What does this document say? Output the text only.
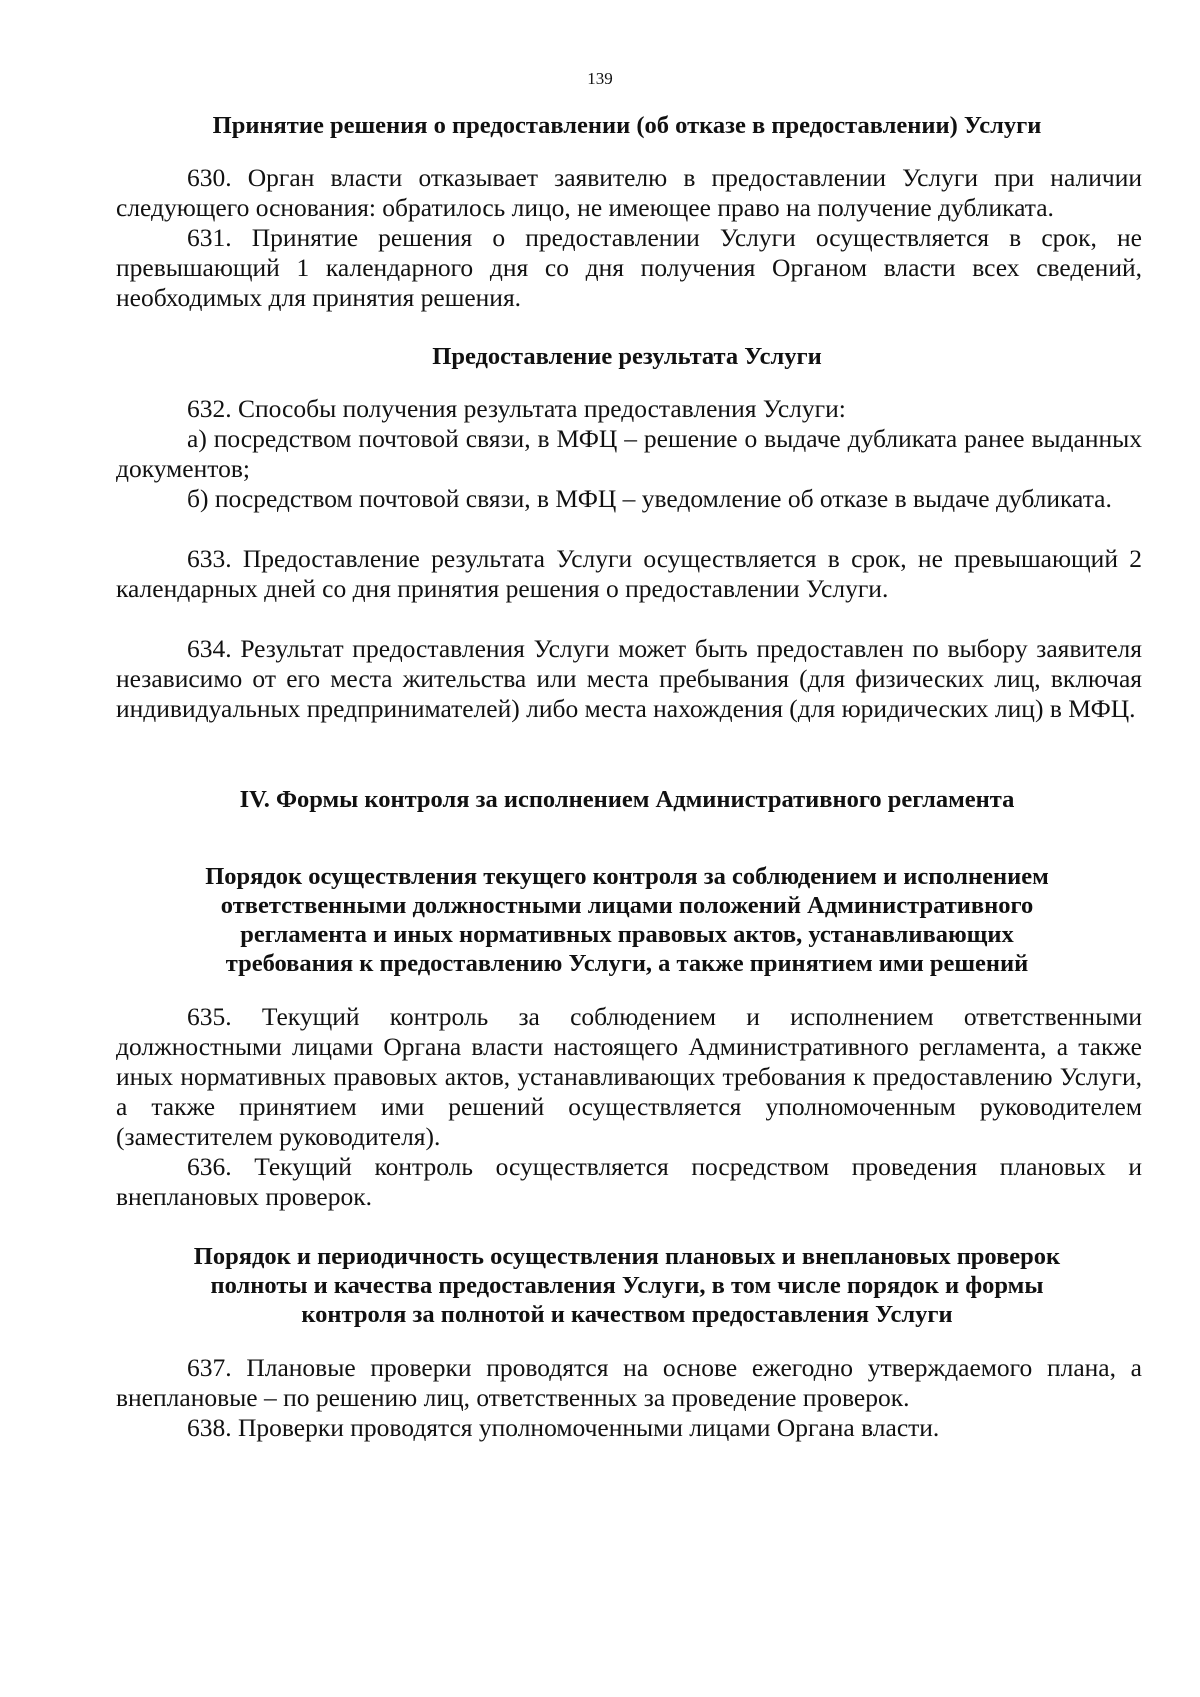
139
Принятие решения о предоставлении (об отказе в предоставлении) Услуги
630. Орган власти отказывает заявителю в предоставлении Услуги при наличии следующего основания: обратилось лицо, не имеющее право на получение дубликата.
631. Принятие решения о предоставлении Услуги осуществляется в срок, не превышающий 1 календарного дня со дня получения Органом власти всех сведений, необходимых для принятия решения.
Предоставление результата Услуги
632. Способы получения результата предоставления Услуги:
а) посредством почтовой связи, в МФЦ – решение о выдаче дубликата ранее выданных документов;
б) посредством почтовой связи, в МФЦ – уведомление об отказе в выдаче дубликата.
633. Предоставление результата Услуги осуществляется в срок, не превышающий 2 календарных дней со дня принятия решения о предоставлении Услуги.
634. Результат предоставления Услуги может быть предоставлен по выбору заявителя независимо от его места жительства или места пребывания (для физических лиц, включая индивидуальных предпринимателей) либо места нахождения (для юридических лиц) в МФЦ.
IV. Формы контроля за исполнением Административного регламента
Порядок осуществления текущего контроля за соблюдением и исполнением
ответственными должностными лицами положений Административного
регламента и иных нормативных правовых актов, устанавливающих
требования к предоставлению Услуги, а также принятием ими решений
635. Текущий контроль за соблюдением и исполнением ответственными должностными лицами Органа власти настоящего Административного регламента, а также иных нормативных правовых актов, устанавливающих требования к предоставлению Услуги, а также принятием ими решений осуществляется уполномоченным руководителем (заместителем руководителя).
636. Текущий контроль осуществляется посредством проведения плановых и внеплановых проверок.
Порядок и периодичность осуществления плановых и внеплановых проверок
полноты и качества предоставления Услуги, в том числе порядок и формы
контроля за полнотой и качеством предоставления Услуги
637. Плановые проверки проводятся на основе ежегодно утверждаемого плана, а внеплановые – по решению лиц, ответственных за проведение проверок.
638. Проверки проводятся уполномоченными лицами Органа власти.
